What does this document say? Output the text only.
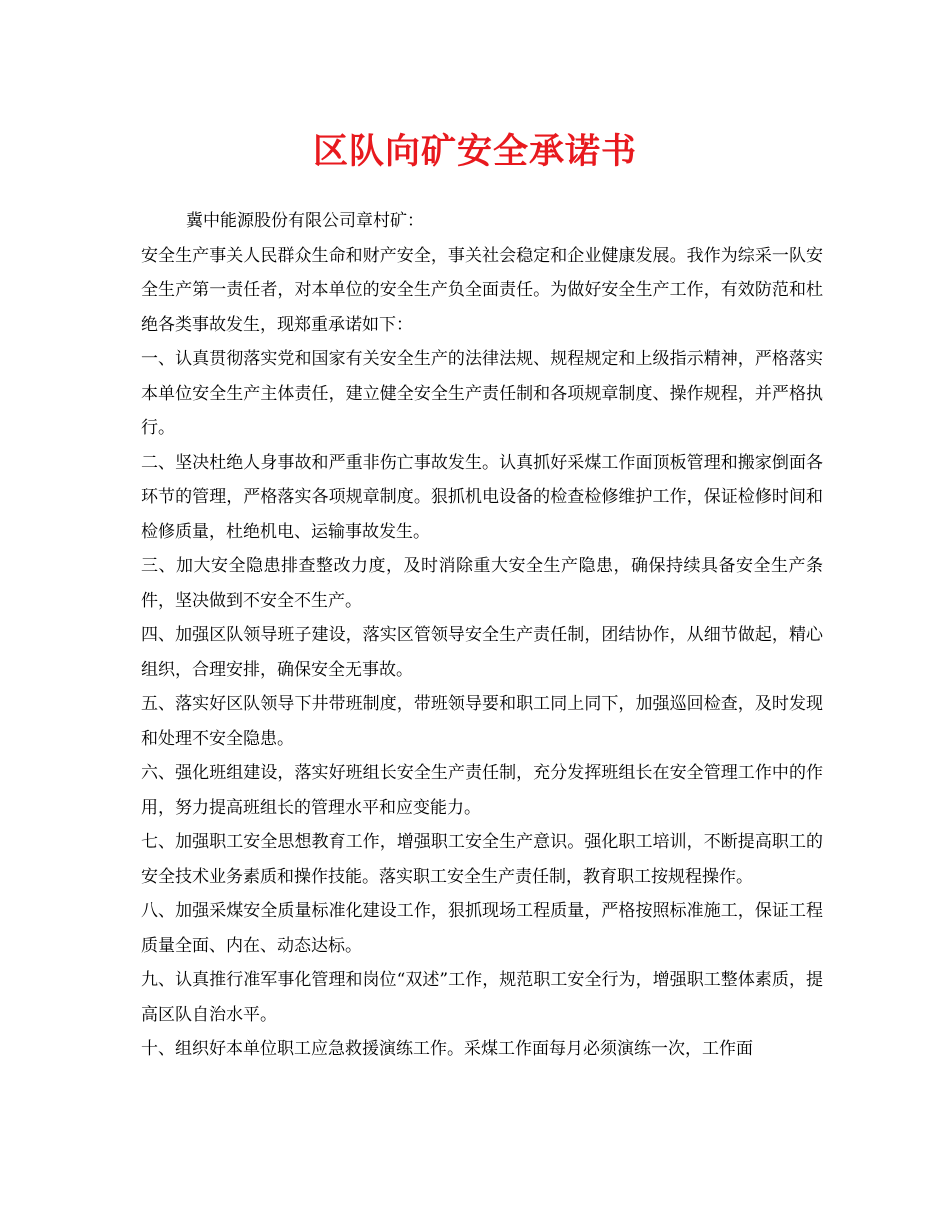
区队向矿安全承诺书

冀中能源股份有限公司章村矿：

安全生产事关人民群众生命和财产安全，事关社会稳定和企业健康发展。我作为综采一队安全生产第一责任者，对本单位的安全生产负全面责任。为做好安全生产工作，有效防范和杜绝各类事故发生，现郑重承诺如下：

一、认真贯彻落实党和国家有关安全生产的法律法规、规程规定和上级指示精神，严格落实本单位安全生产主体责任，建立健全安全生产责任制和各项规章制度、操作规程，并严格执行。

二、坚决杜绝人身事故和严重非伤亡事故发生。认真抓好采煤工作面顶板管理和搬家倒面各环节的管理，严格落实各项规章制度。狠抓机电设备的检查检修维护工作，保证检修时间和检修质量，杜绝机电、运输事故发生。

三、加大安全隐患排查整改力度，及时消除重大安全生产隐患，确保持续具备安全生产条件，坚决做到不安全不生产。

四、加强区队领导班子建设，落实区管领导安全生产责任制，团结协作，从细节做起，精心组织，合理安排，确保安全无事故。

五、落实好区队领导下井带班制度，带班领导要和职工同上同下，加强巡回检查，及时发现和处理不安全隐患。

六、强化班组建设，落实好班组长安全生产责任制，充分发挥班组长在安全管理工作中的作用，努力提高班组长的管理水平和应变能力。

七、加强职工安全思想教育工作，增强职工安全生产意识。强化职工培训，不断提高职工的安全技术业务素质和操作技能。落实职工安全生产责任制，教育职工按规程操作。

八、加强采煤安全质量标准化建设工作，狠抓现场工程质量，严格按照标准施工，保证工程质量全面、内在、动态达标。

九、认真推行准军事化管理和岗位“双述”工作，规范职工安全行为，增强职工整体素质，提高区队自治水平。

十、组织好本单位职工应急救援演练工作。采煤工作面每月必须演练一次，工作面
